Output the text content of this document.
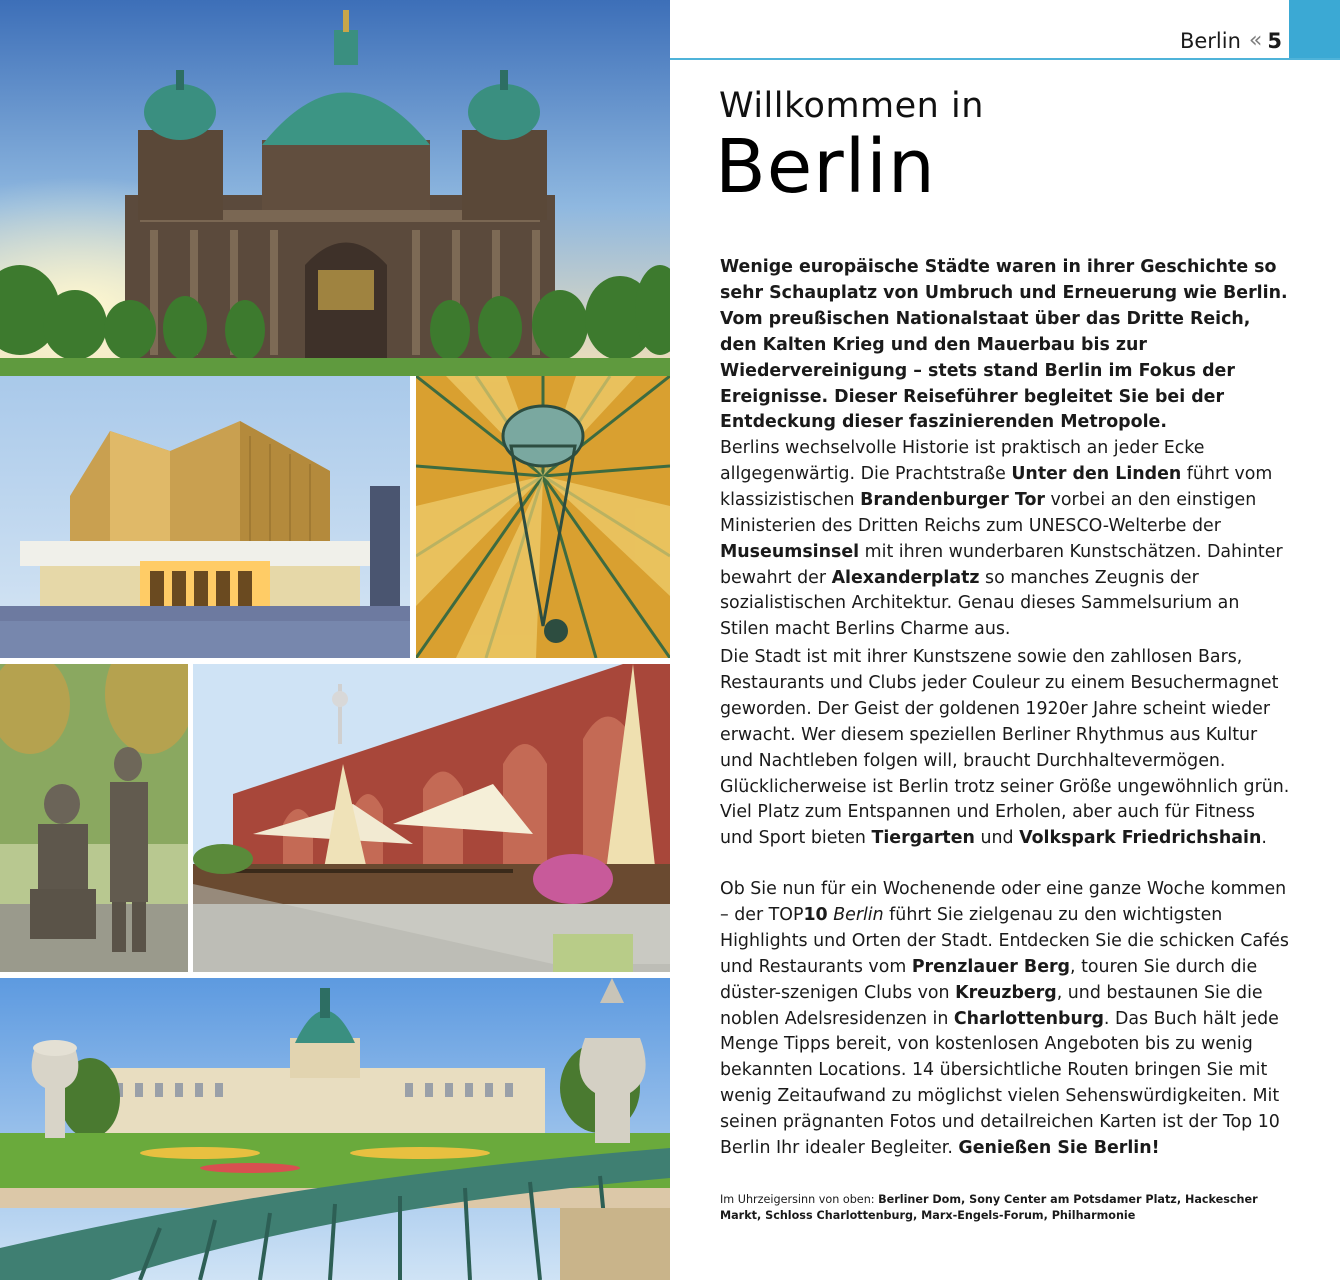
Berlin « 5
Willkommen in
Berlin
Wenige europäische Städte waren in ihrer Geschichte so sehr Schauplatz von Umbruch und Erneuerung wie Berlin. Vom preußischen Nationalstaat über das Dritte Reich, den Kalten Krieg und den Mauerbau bis zur Wiedervereinigung – stets stand Berlin im Fokus der Ereignisse. Dieser Reiseführer begleitet Sie bei der Entdeckung dieser faszinierenden Metropole.
Berlins wechselvolle Historie ist praktisch an jeder Ecke allgegenwärtig. Die Prachtstraße Unter den Linden führt vom klassizistischen Brandenburger Tor vorbei an den einstigen Ministerien des Dritten Reichs zum UNESCO-Welterbe der Museumsinsel mit ihren wunderbaren Kunstschätzen. Dahinter bewahrt der Alexanderplatz so manches Zeugnis der sozialistischen Architektur. Genau dieses Sammelsurium an Stilen macht Berlins Charme aus.
Die Stadt ist mit ihrer Kunstszene sowie den zahllosen Bars, Restaurants und Clubs jeder Couleur zu einem Besuchermagnet geworden. Der Geist der goldenen 1920er Jahre scheint wieder erwacht. Wer diesem speziellen Berliner Rhythmus aus Kultur und Nachtleben folgen will, braucht Durchhaltevermögen. Glücklicherweise ist Berlin trotz seiner Größe ungewöhnlich grün. Viel Platz zum Entspannen und Erholen, aber auch für Fitness und Sport bieten Tiergarten und Volkspark Friedrichshain.
Ob Sie nun für ein Wochenende oder eine ganze Woche kommen – der TOP10 Berlin führt Sie zielgenau zu den wichtigsten Highlights und Orten der Stadt. Entdecken Sie die schicken Cafés und Restaurants vom Prenzlauer Berg, touren Sie durch die düster-szenigen Clubs von Kreuzberg, und bestaunen Sie die noblen Adelsresidenzen in Charlottenburg. Das Buch hält jede Menge Tipps bereit, von kostenlosen Angeboten bis zu wenig bekannten Locations. 14 übersichtliche Routen bringen Sie mit wenig Zeitaufwand zu möglichst vielen Sehenswürdigkeiten. Mit seinen prägnanten Fotos und detailreichen Karten ist der Top 10 Berlin Ihr idealer Begleiter. Genießen Sie Berlin!
Im Uhrzeigersinn von oben: Berliner Dom, Sony Center am Potsdamer Platz, Hackescher Markt, Schloss Charlottenburg, Marx-Engels-Forum, Philharmonie
